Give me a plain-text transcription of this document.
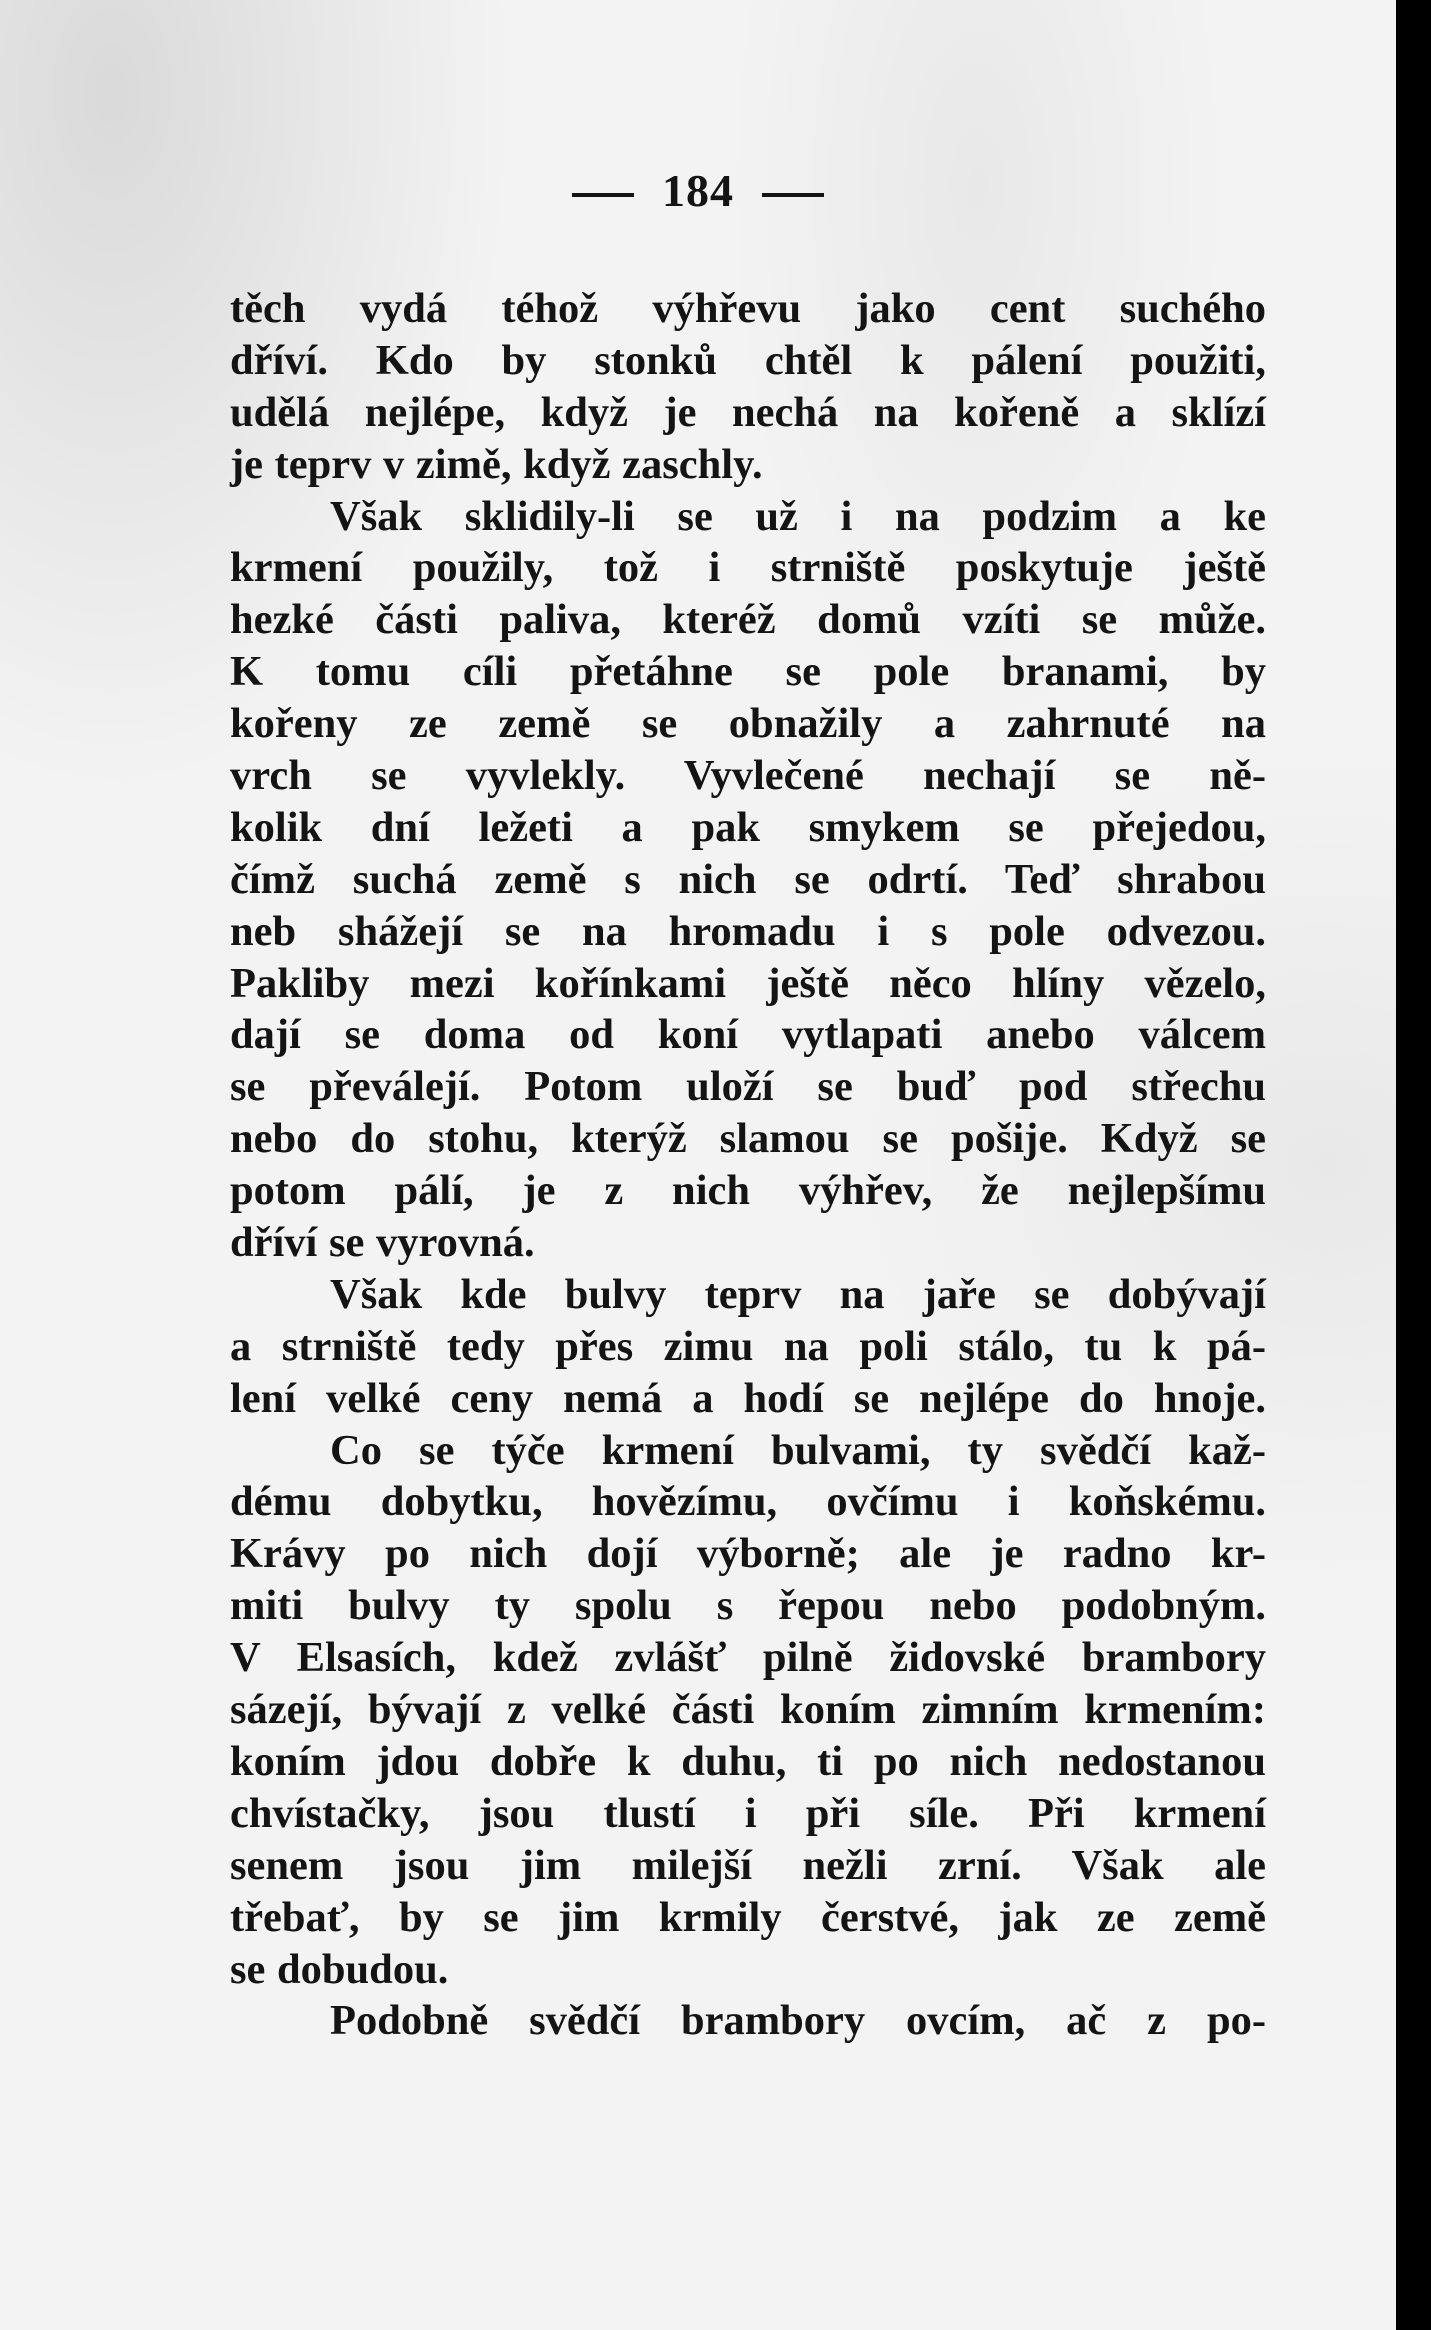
184
těch vydá téhož výhřevu jako cent suchého
dříví. Kdo by stonků chtěl k pálení použiti,
udělá nejlépe, když je nechá na kořeně a sklízí
je teprv v zimě, když zaschly.
Však sklidily-li se už i na podzim a ke
krmení použily, tož i strniště poskytuje ještě
hezké části paliva, kteréž domů vzíti se může.
K tomu cíli přetáhne se pole branami, by
kořeny ze země se obnažily a zahrnuté na
vrch se vyvlekly. Vyvlečené nechají se ně-
kolik dní ležeti a pak smykem se přejedou,
čímž suchá země s nich se odrtí. Teď shrabou
neb shážejí se na hromadu i s pole odvezou.
Pakliby mezi kořínkami ještě něco hlíny vězelo,
dají se doma od koní vytlapati anebo válcem
se převálejí. Potom uloží se buď pod střechu
nebo do stohu, kterýž slamou se pošije. Když se
potom pálí, je z nich výhřev, že nejlepšímu
dříví se vyrovná.
Však kde bulvy teprv na jaře se dobývají
a strniště tedy přes zimu na poli stálo, tu k pá-
lení velké ceny nemá a hodí se nejlépe do hnoje.
Co se týče krmení bulvami, ty svědčí kaž-
dému dobytku, hovězímu, ovčímu i koňskému.
Krávy po nich dojí výborně; ale je radno kr-
miti bulvy ty spolu s řepou nebo podobným.
V Elsasích, kdež zvlášť pilně židovské brambory
sázejí, bývají z velké části koním zimním krmením:
koním jdou dobře k duhu, ti po nich nedostanou
chvístačky, jsou tlustí i při síle. Při krmení
senem jsou jim milejší nežli zrní. Však ale
třebať, by se jim krmily čerstvé, jak ze země
se dobudou.
Podobně svědčí brambory ovcím, ač z po-
